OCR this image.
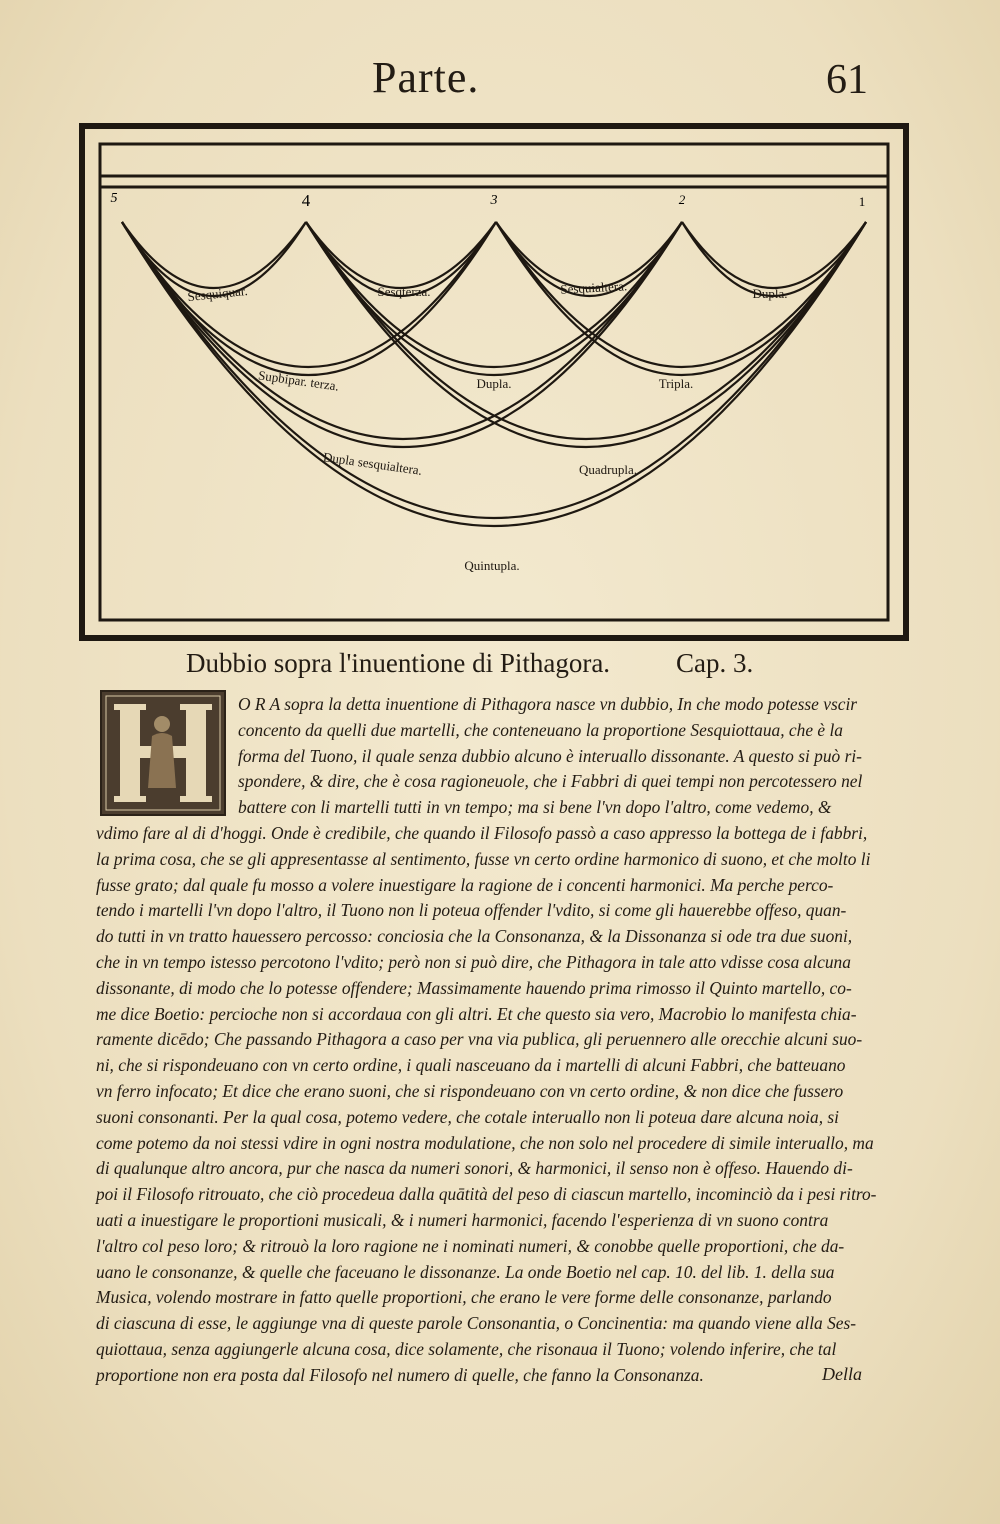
Parte.	61
5	4	3	2	1
Sesquiquar.	Sesqterza.	Sesquialtera.	Dupla.
Supbipar. terza.	Dupla.	Tripla.
Dupla sesquialtera.	Quadrupla.
Quintupla.
Dubbio sopra l'inuentione di Pithagora. Cap. 3.
O R A sopra la detta inuentione di Pithagora nasce vn dubbio, In che modo potesse vscir
concento da quelli due martelli, che conteneuano la proportione Sesquiottaua, che è la
forma del Tuono, il quale senza dubbio alcuno è interuallo dissonante. A questo si può ri-
spondere, & dire, che è cosa ragioneuole, che i Fabbri di quei tempi non percotessero nel
battere con li martelli tutti in vn tempo; ma si bene l'vn dopo l'altro, come vedemo, &
vdimo fare al di d'hoggi. Onde è credibile, che quando il Filosofo passò a caso appresso la bottega de i fabbri,
la prima cosa, che se gli appresentasse al sentimento, fusse vn certo ordine harmonico di suono, et che molto li
fusse grato; dal quale fu mosso a volere inuestigare la ragione de i concenti harmonici. Ma perche perco-
tendo i martelli l'vn dopo l'altro, il Tuono non li poteua offender l'vdito, si come gli hauerebbe offeso, quan-
do tutti in vn tratto hauessero percosso: conciosia che la Consonanza, & la Dissonanza si ode tra due suoni,
che in vn tempo istesso percotono l'vdito; però non si può dire, che Pithagora in tale atto vdisse cosa alcuna
dissonante, di modo che lo potesse offendere; Massimamente hauendo prima rimosso il Quinto martello, co-
me dice Boetio: percioche non si accordaua con gli altri. Et che questo sia vero, Macrobio lo manifesta chia-
ramente dicēdo; Che passando Pithagora a caso per vna via publica, gli peruennero alle orecchie alcuni suo-
ni, che si rispondeuano con vn certo ordine, i quali nasceuano da i martelli di alcuni Fabbri, che batteuano
vn ferro infocato; Et dice che erano suoni, che si rispondeuano con vn certo ordine, & non dice che fussero
suoni consonanti. Per la qual cosa, potemo vedere, che cotale interuallo non li poteua dare alcuna noia, si
come potemo da noi stessi vdire in ogni nostra modulatione, che non solo nel procedere di simile interuallo, ma
di qualunque altro ancora, pur che nasca da numeri sonori, & harmonici, il senso non è offeso. Hauendo di-
poi il Filosofo ritrouato, che ciò procedeua dalla quātità del peso di ciascun martello, incominciò da i pesi ritro-
uati a inuestigare le proportioni musicali, & i numeri harmonici, facendo l'esperienza di vn suono contra
l'altro col peso loro; & ritrouò la loro ragione ne i nominati numeri, & conobbe quelle proportioni, che da-
uano le consonanze, & quelle che faceuano le dissonanze. La onde Boetio nel cap. 10. del lib. 1. della sua
Musica, volendo mostrare in fatto quelle proportioni, che erano le vere forme delle consonanze, parlando
di ciascuna di esse, le aggiunge vna di queste parole Consonantia, o Concinentia: ma quando viene alla Ses-
quiottaua, senza aggiungerle alcuna cosa, dice solamente, che risonaua il Tuono; volendo inferire, che tal
proportione non era posta dal Filosofo nel numero di quelle, che fanno la Consonanza.	Della
